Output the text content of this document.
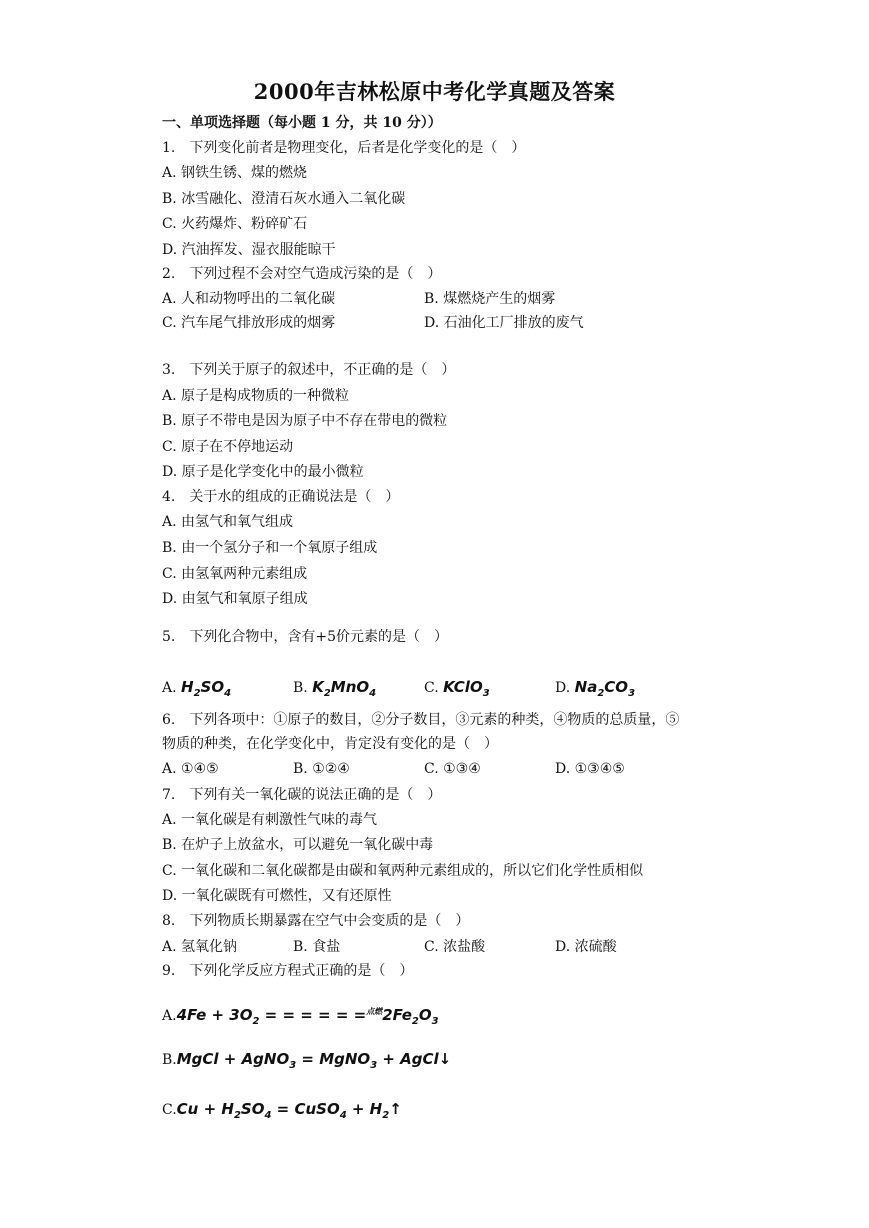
2000年吉林松原中考化学真题及答案
一、单项选择题（每小题 1 分，共 10 分））
1.　下列变化前者是物理变化，后者是化学变化的是（　）
A. 钢铁生锈、煤的燃烧
B. 冰雪融化、澄清石灰水通入二氧化碳
C. 火药爆炸、粉碎矿石
D. 汽油挥发、湿衣服能晾干
2.　下列过程不会对空气造成污染的是（　）
A. 人和动物呼出的二氧化碳	B. 煤燃烧产生的烟雾
C. 汽车尾气排放形成的烟雾	D. 石油化工厂排放的废气
3.　下列关于原子的叙述中，不正确的是（　）
A. 原子是构成物质的一种微粒
B. 原子不带电是因为原子中不存在带电的微粒
C. 原子在不停地运动
D. 原子是化学变化中的最小微粒
4.　关于水的组成的正确说法是（　）
A. 由氢气和氧气组成
B. 由一个氢分子和一个氧原子组成
C. 由氢氧两种元素组成
D. 由氢气和氧原子组成
5.　下列化合物中，含有+5价元素的是（　）
A. $H_2SO_4$	B. $K_2MnO_4$	C. KClO$_3$	D. $Na_2CO_3$
6.　下列各项中：①原子的数目，②分子数目，③元素的种类，④物质的总质量，⑤
物质的种类，在化学变化中，肯定没有变化的是（　）
A. ①④⑤	B. ①②④	C. ①③④	D. ①③④⑤
7.　下列有关一氧化碳的说法正确的是（　）
A. 一氧化碳是有刺激性气味的毒气
B. 在炉子上放盆水，可以避免一氧化碳中毒
C. 一氧化碳和二氧化碳都是由碳和氧两种元素组成的，所以它们化学性质相似
D. 一氧化碳既有可燃性，又有还原性
8.　下列物质长期暴露在空气中会变质的是（　）
A. 氢氧化钠	B. 食盐	C. 浓盐酸	D. 浓硫酸
9.　下列化学反应方程式正确的是（　）
$A.4Fe + 3O_2$ = = = = = $=^{点燃}2Fe_2O_3$
B.MgCl + AgNO$_3$ = MgNO$_3$ + AgCl↓
$C.Cu + H_2SO_4$ = CuSO$_4$ + $H_2↑$
